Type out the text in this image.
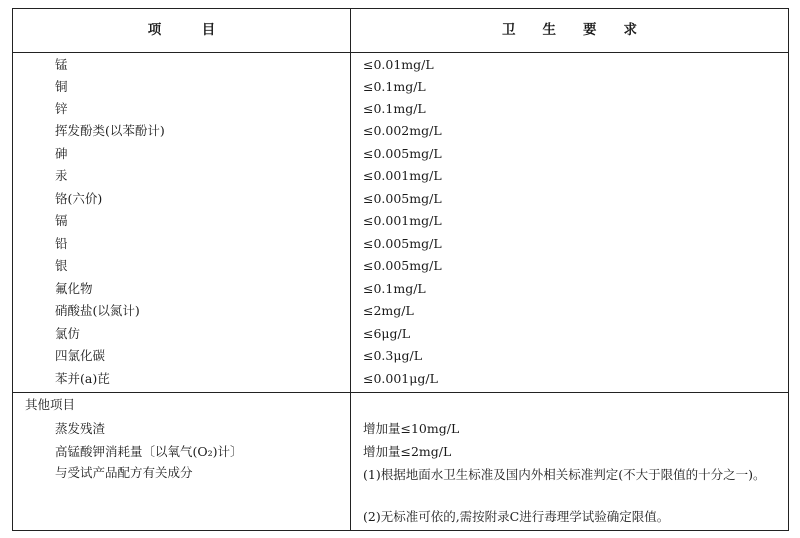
项　　　目	卫　　生　　要　　求
锰	≤0.01mg/L
铜	≤0.1mg/L
锌	≤0.1mg/L
挥发酚类(以苯酚计)	≤0.002mg/L
砷	≤0.005mg/L
汞	≤0.001mg/L
铬(六价)	≤0.005mg/L
镉	≤0.001mg/L
铅	≤0.005mg/L
银	≤0.005mg/L
氟化物	≤0.1mg/L
硝酸盐(以氮计)	≤2mg/L
氯仿	≤6μg/L
四氯化碳	≤0.3μg/L
苯并(a)芘	≤0.001μg/L
其他项目
蒸发残渣	增加量≤10mg/L
高锰酸钾消耗量〔以氧气(O₂)计〕	增加量≤2mg/L
与受试产品配方有关成分	(1)根据地面水卫生标准及国内外相关标准判定(不大于限值的十分之一)。
(2)无标准可依的,需按附录C进行毒理学试验确定限值。
